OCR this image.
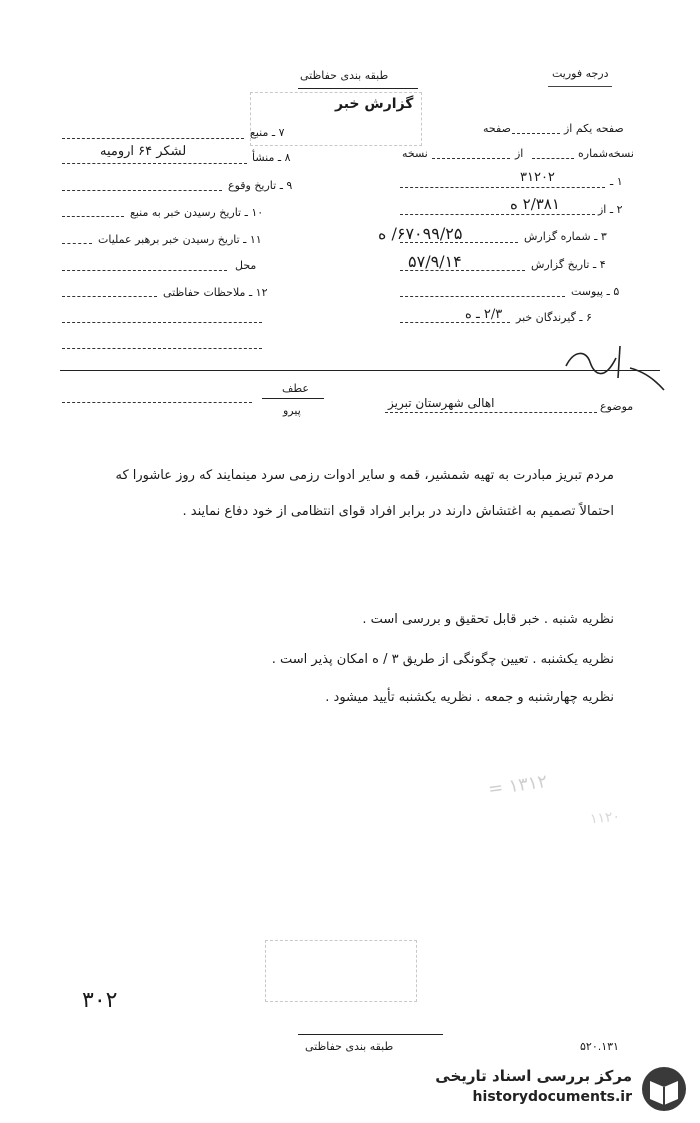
طبقه بندی حفاظتی	درجه فوریت
گزارش خبر
۷ ـ منبع
۸ ـ منشأ
لشکر ۶۴ ارومیه
۹ ـ تاریخ وقوع
۱۰ ـ تاریخ رسیدن خبر به منبع
۱۱ ـ تاریخ رسیدن خبر برهبر عملیات
محل
۱۲ ـ ملاحظات حفاظتی
صفحه یکم از
صفحه
نسخه‌شماره
از
نسخه
۱ ـ
۳۱۲۰۲
۲ ـ از
۲/۳۸۱ ه
۳ ـ شماره گزارش
۶۷۰۹۹/۲۵/ ه
۴ ـ تاریخ گزارش
۵۷/۹/۱۴
۵ ـ پیوست
۶ ـ گیرندگان خبر
۲/۳ ـ ه
موضوع
اهالی شهرستان تبریز
عطف
پیرو
مردم تبریز مبادرت به تهیه شمشیر، قمه و سایر ادوات رزمی سرد مینمایند که روز عاشورا که احتمالاً تصمیم به اغتشاش دارند در برابر افراد قوای انتظامی از خود دفاع نمایند .
نظریه شنبه . خبر قابل تحقیق و بررسی است .
نظریه یکشنبه . تعیین چگونگی از طریق ۳ / ه امکان پذیر است .
نظریه چهارشنبه و جمعه . نظریه یکشنبه تأیید میشود .
= ۱۳۱۲
۱۱۲۰
۳۰۲
طبقه بندی حفاظتی	۵۲۰.۱۳۱
مرکز بررسی اسناد تاریخی
historydocuments.ir
